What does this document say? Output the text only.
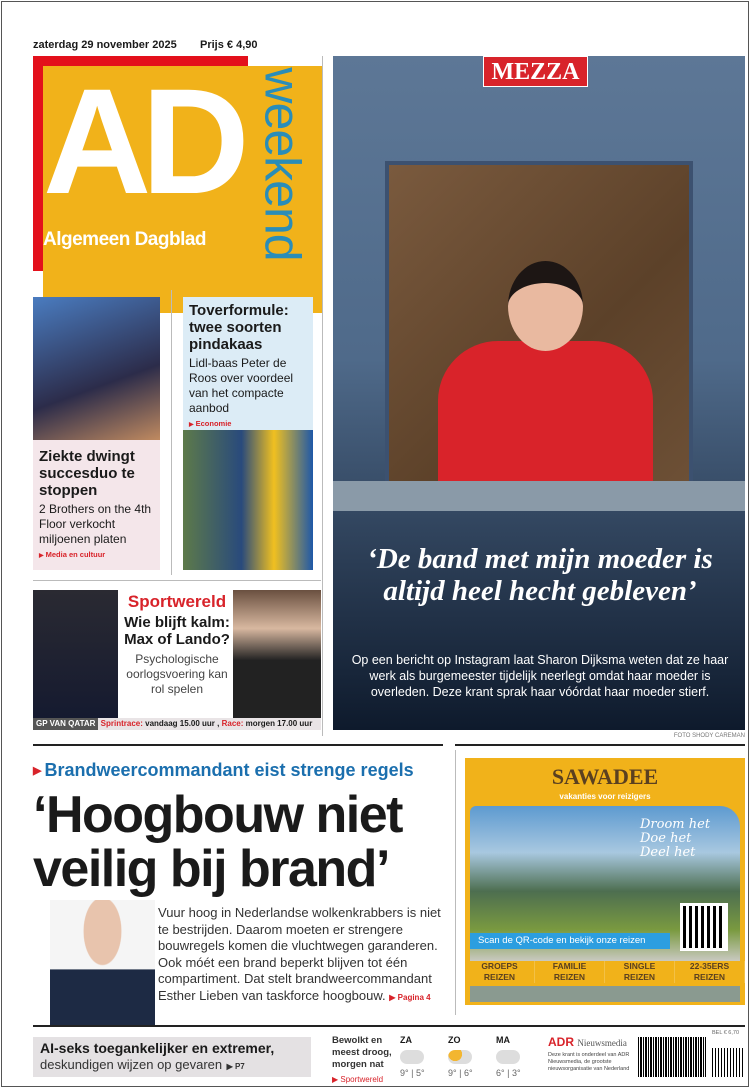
zaterdag 29 november 2025 Prijs € 4,90
AD
Algemeen Dagblad weekend	MEZZA
‘De band met mijn moeder is altijd heel hecht gebleven’
Op een bericht op Instagram laat Sharon Dijksma weten dat ze haar werk als burgemeester tijdelijk neerlegt omdat haar moeder is overleden. Deze krant sprak haar vóórdat haar moeder stierf.
FOTO SHODY CAREMAN
Ziekte dwingt succesduo te stoppen

2 Brothers on the 4th Floor verkocht miljoenen platen

▶ Media en cultuur
Toverformule: twee soorten pindakaas

Lidl-baas Peter de Roos over voordeel van het compacte aanbod

▶ Economie
Sportwereld
Wie blijft kalm: Max of Lando?

Psychologische oorlogsvoering kan rol spelen

GP VAN QATAR Sprintrace: vandaag 15.00 uur , Race: morgen 17.00 uur
▶ Brandweercommandant eist strenge regels
‘Hoogbouw niet veilig bij brand’
Vuur hoog in Nederlandse wolkenkrabbers is niet te bestrijden. Daarom moeten er strengere bouwregels komen die vluchtwegen garanderen. Ook móét een brand beperkt blijven tot één compartiment. Dat stelt brandweercommandant Esther Lieben van taskforce hoogbouw. ▶ Pagina 4
SAWADEE
vakanties voor reizigers
Droom het
Doe het
Deel het
Scan de QR-code en bekijk onze reizen
GROEPS
REIZEN
FAMILIE
REIZEN
SINGLE
REIZEN
22-35ERS
REIZEN
AI-seks toegankelijker en extremer,
deskundigen wijzen op gevaren ▶ P7
Bewolkt en meest droog, morgen nat
▶ Sportwereld
ZA
9° | 5°
ZO
9° | 6°
MA
6° | 3°
ADR Nieuwsmedia

Deze krant is onderdeel van ADR Nieuwsmedia, de grootste nieuwsorganisatie van Nederland

BEL € 6,70
